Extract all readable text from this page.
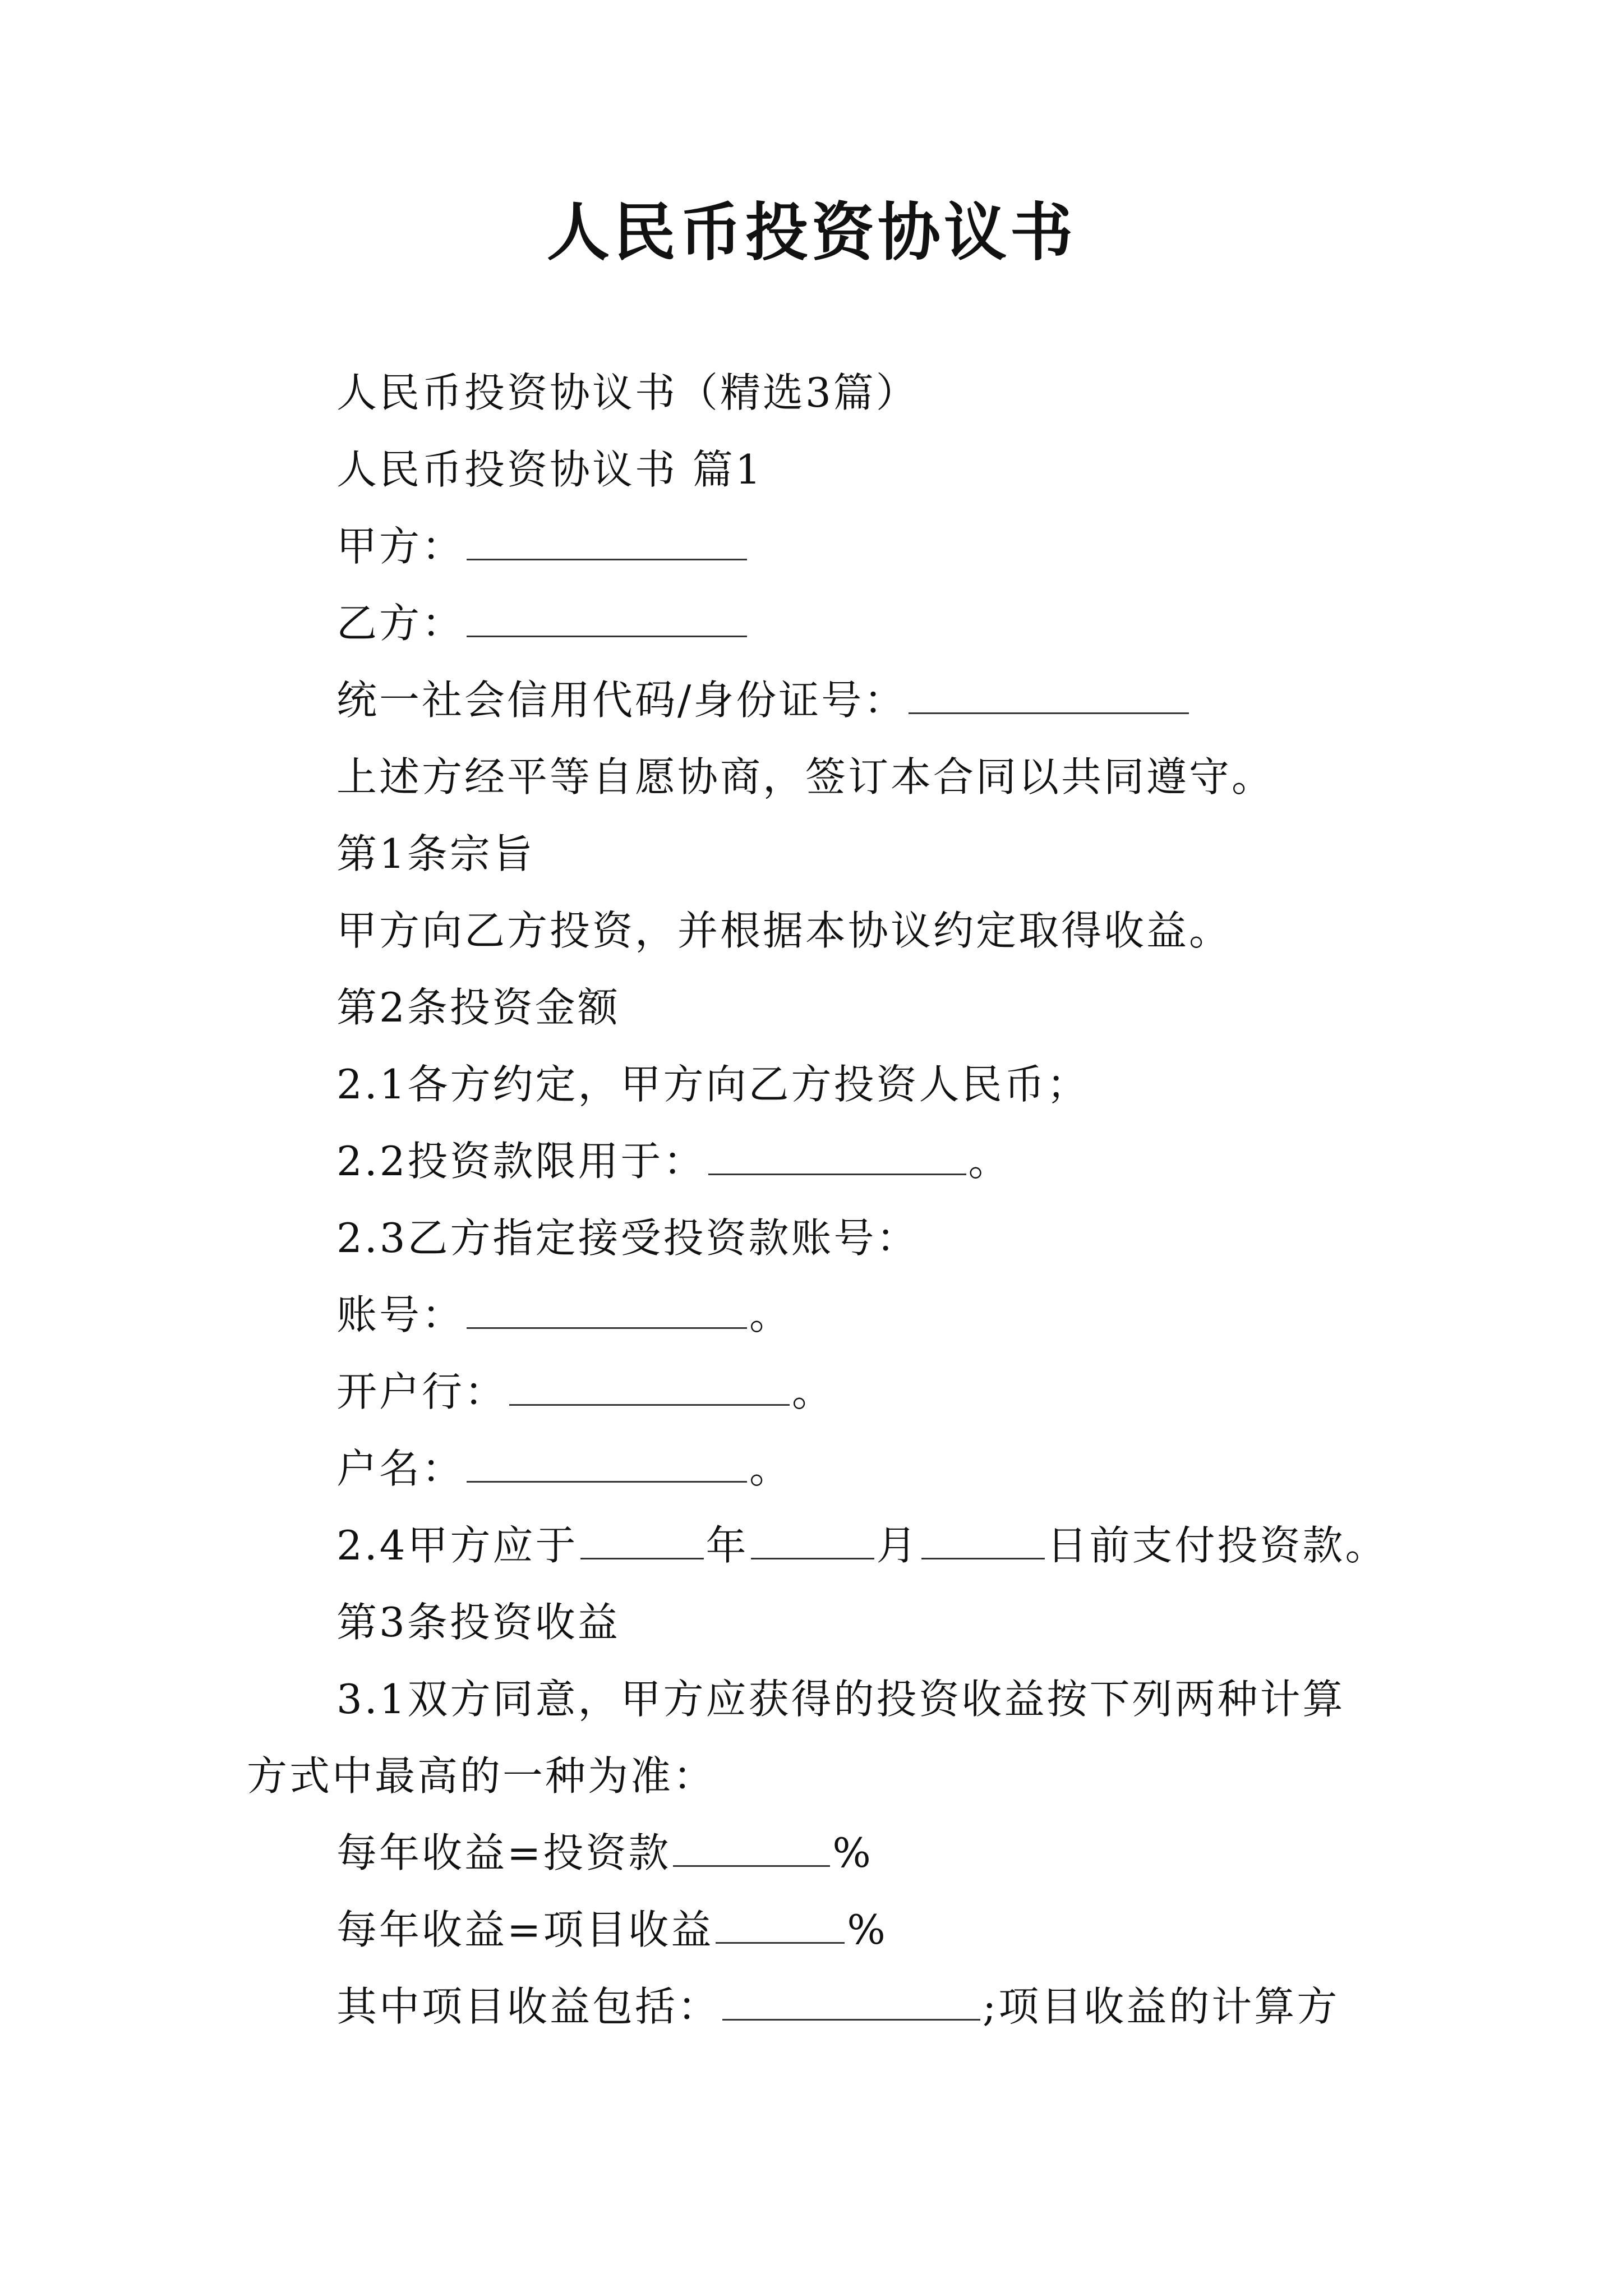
人民币投资协议书
人民币投资协议书（精选3篇）
人民币投资协议书 篇1
甲方：
乙方：
统一社会信用代码/身份证号：
上述方经平等自愿协商，签订本合同以共同遵守。
第1条宗旨
甲方向乙方投资，并根据本协议约定取得收益。
第2条投资金额
2.1各方约定，甲方向乙方投资人民币；
2.2投资款限用于：	。
2.3乙方指定接受投资款账号：
账号：	。
开户行：	。
户名：	。
2.4甲方应于	年	月	日前支付投资款。
第3条投资收益
3.1双方同意，甲方应获得的投资收益按下列两种计算
方式中最高的一种为准：
每年收益=投资款	%
每年收益=项目收益	%
其中项目收益包括：	;项目收益的计算方
